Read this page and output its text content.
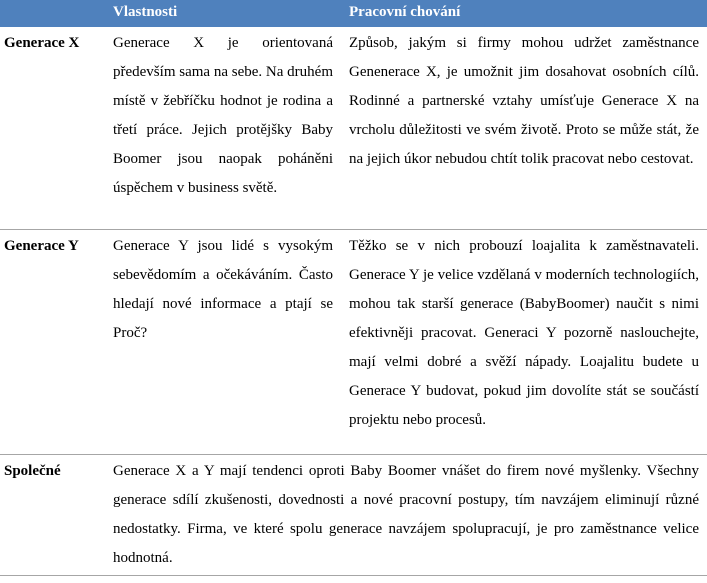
	Vlastnosti	Pracovní chování
Generace X	Generace X je orientovaná především sama na sebe. Na druhém místě v žebříčku hodnot je rodina a třetí práce. Jejich protějšky Baby Boomer jsou naopak poháněni úspěchem v business světě.	Způsob, jakým si firmy mohou udržet zaměstnance Genenerace X, je umožnit jim dosahovat osobních cílů. Rodinné a partnerské vztahy umísťuje Generace X na vrcholu důležitosti ve svém životě. Proto se může stát, že na jejich úkor nebudou chtít tolik pracovat nebo cestovat.
Generace Y	Generace Y jsou lidé s vysokým sebevědomím a očekáváním. Často hledají nové informace a ptají se Proč?	Těžko se v nich probouzí loajalita k zaměstnavateli. Generace Y je velice vzdělaná v moderních technologiích, mohou tak starší generace (BabyBoomer) naučit s nimi efektivněji pracovat. Generaci Y pozorně naslouchejte, mají velmi dobré a svěží nápady. Loajalitu budete u Generace Y budovat, pokud jim dovolíte stát se součástí projektu nebo procesů.
Společné	Generace X a Y mají tendenci oproti Baby Boomer vnášet do firem nové myšlenky. Všechny generace sdílí zkušenosti, dovednosti a nové pracovní postupy, tím navzájem eliminují různé nedostatky. Firma, ve které spolu generace navzájem spolupracují, je pro zaměstnance velice hodnotná.	
